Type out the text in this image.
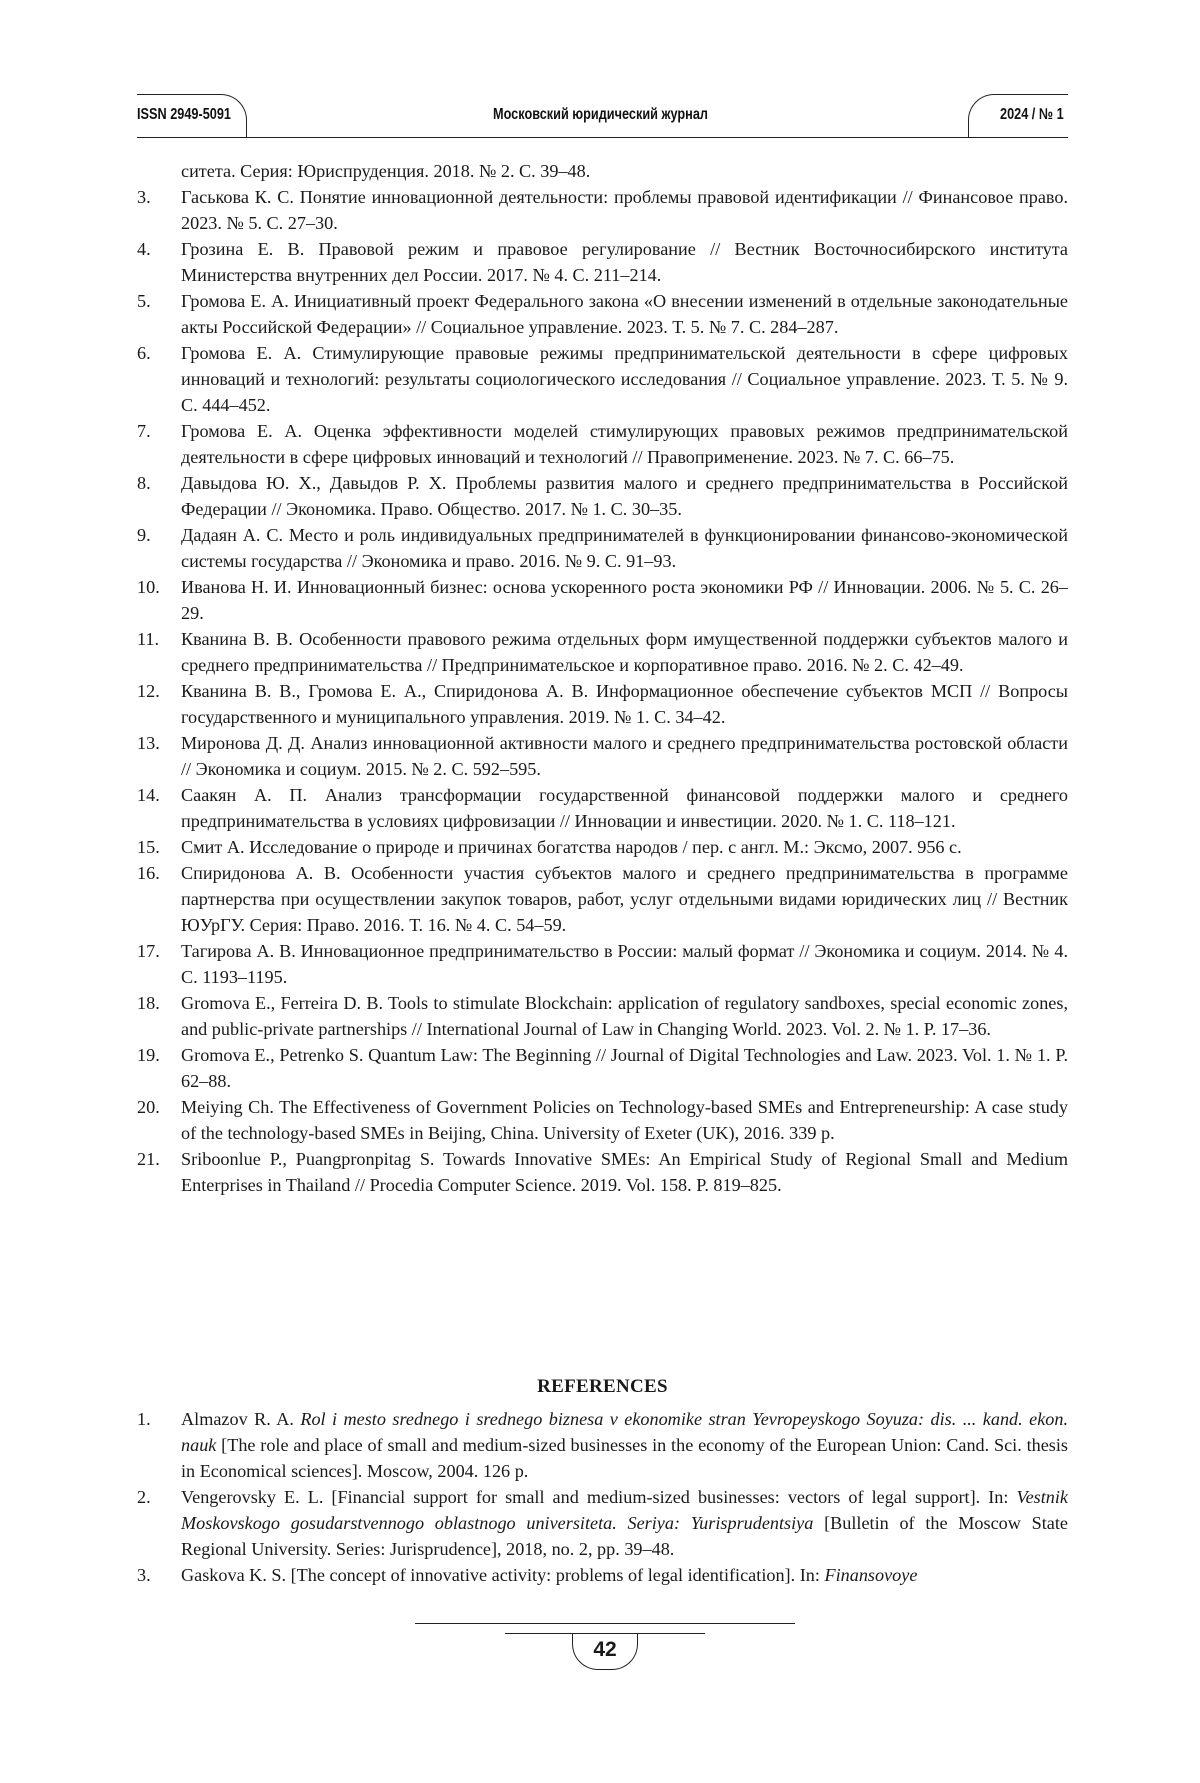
ISSN 2949-5091	Московский юридический журнал	2024 / № 1
ситета. Серия: Юриспруденция. 2018. № 2. С. 39–48.
3.	Гаськова К. С. Понятие инновационной деятельности: проблемы правовой идентификации // Финансовое право. 2023. № 5. С. 27–30.
4.	Грозина Е. В. Правовой режим и правовое регулирование // Вестник Восточносибирского института Министерства внутренних дел России. 2017. № 4. С. 211–214.
5.	Громова Е. А. Инициативный проект Федерального закона «О внесении изменений в отдельные законодательные акты Российской Федерации» // Социальное управление. 2023. Т. 5. № 7. С. 284–287.
6.	Громова Е. А. Стимулирующие правовые режимы предпринимательской деятельности в сфере цифровых инноваций и технологий: результаты социологического исследования // Социальное управление. 2023. Т. 5. № 9. С. 444–452.
7.	Громова Е. А. Оценка эффективности моделей стимулирующих правовых режимов предпринимательской деятельности в сфере цифровых инноваций и технологий // Правоприменение. 2023. № 7. С. 66–75.
8.	Давыдова Ю. Х., Давыдов Р. Х. Проблемы развития малого и среднего предпринимательства в Российской Федерации // Экономика. Право. Общество. 2017. № 1. С. 30–35.
9.	Дадаян А. С. Место и роль индивидуальных предпринимателей в функционировании финансово-экономической системы государства // Экономика и право. 2016. № 9. С. 91–93.
10.	Иванова Н. И. Инновационный бизнес: основа ускоренного роста экономики РФ // Инновации. 2006. № 5. С. 26–29.
11.	Кванина В. В. Особенности правового режима отдельных форм имущественной поддержки субъектов малого и среднего предпринимательства // Предпринимательское и корпоративное право. 2016. № 2. С. 42–49.
12.	Кванина В. В., Громова Е. А., Спиридонова А. В. Информационное обеспечение субъектов МСП // Вопросы государственного и муниципального управления. 2019. № 1. С. 34–42.
13.	Миронова Д. Д. Анализ инновационной активности малого и среднего предпринимательства ростовской области // Экономика и социум. 2015. № 2. С. 592–595.
14.	Саакян А. П. Анализ трансформации государственной финансовой поддержки малого и среднего предпринимательства в условиях цифровизации // Инновации и инвестиции. 2020. № 1. С. 118–121.
15.	Смит А. Исследование о природе и причинах богатства народов / пер. с англ. М.: Эксмо, 2007. 956 с.
16.	Спиридонова А. В. Особенности участия субъектов малого и среднего предпринимательства в программе партнерства при осуществлении закупок товаров, работ, услуг отдельными видами юридических лиц // Вестник ЮУрГУ. Серия: Право. 2016. Т. 16. № 4. С. 54–59.
17.	Тагирова А. В. Инновационное предпринимательство в России: малый формат // Экономика и социум. 2014. № 4. С. 1193–1195.
18.	Gromova E., Ferreira D. B. Tools to stimulate Blockchain: application of regulatory sandboxes, special economic zones, and public-private partnerships // International Journal of Law in Changing World. 2023. Vol. 2. № 1. P. 17–36.
19.	Gromova E., Petrenko S. Quantum Law: The Beginning // Journal of Digital Technologies and Law. 2023. Vol. 1. № 1. P. 62–88.
20.	Meiying Ch. The Effectiveness of Government Policies on Technology-based SMEs and Entrepreneurship: A case study of the technology-based SMEs in Beijing, China. University of Exeter (UK), 2016. 339 p.
21.	Sriboonlue P., Puangpronpitag S. Towards Innovative SMEs: An Empirical Study of Regional Small and Medium Enterprises in Thailand // Procedia Computer Science. 2019. Vol. 158. P. 819–825.
REFERENCES
1.	Almazov R. A. Rol i mesto srednego i srednego biznesa v ekonomike stran Yevropeyskogo Soyuza: dis. ... kand. ekon. nauk [The role and place of small and medium-sized businesses in the economy of the European Union: Cand. Sci. thesis in Economical sciences]. Moscow, 2004. 126 p.
2.	Vengerovsky E. L. [Financial support for small and medium-sized businesses: vectors of legal support]. In: Vestnik Moskovskogo gosudarstvennogo oblastnogo universiteta. Seriya: Yurisprudentsiya [Bulletin of the Moscow State Regional University. Series: Jurisprudence], 2018, no. 2, pp. 39–48.
3.	Gaskova K. S. [The concept of innovative activity: problems of legal identification]. In: Finansovoye
42
